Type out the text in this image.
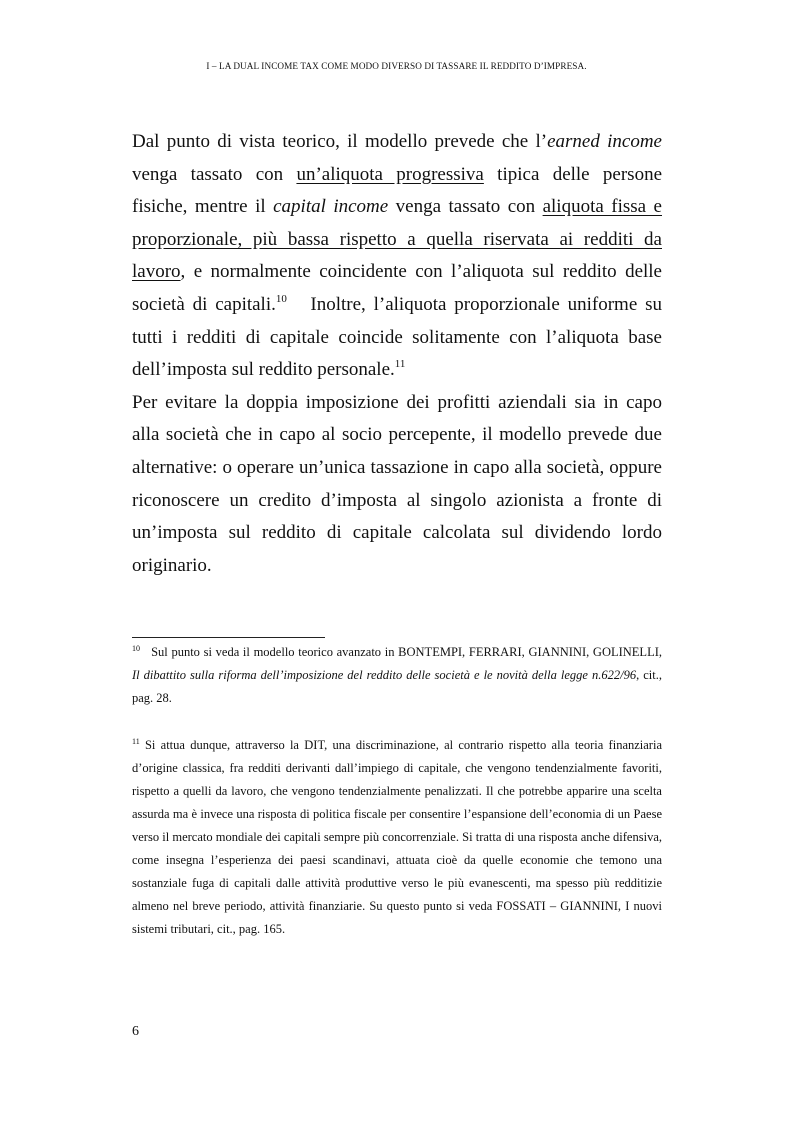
I – LA DUAL INCOME TAX COME MODO DIVERSO DI TASSARE IL REDDITO D’IMPRESA.

Dal punto di vista teorico, il modello prevede che l’earned income venga tassato con un’aliquota progressiva tipica delle persone fisiche, mentre il capital income venga tassato con aliquota fissa e proporzionale, più bassa rispetto a quella riservata ai redditi da lavoro, e normalmente coincidente con l’aliquota sul reddito delle società di capitali.$^{10}$   Inoltre, l’aliquota proporzionale uniforme su tutti i redditi di capitale coincide solitamente con l’aliquota base dell’imposta sul reddito personale.$^{11}$

Per evitare la doppia imposizione dei profitti aziendali sia in capo alla società che in capo al socio percepente, il modello prevede due alternative: o operare un’unica tassazione in capo alla società, oppure riconoscere un credito d’imposta al singolo azionista a fronte di un’imposta sul reddito di capitale calcolata sul dividendo lordo originario.

$^{10}$   Sul punto si veda il modello teorico avanzato in BONTEMPI, FERRARI, GIANNINI, GOLINELLI, Il dibattito sulla riforma dell’imposizione del reddito delle società e le novità della legge n.622/96, cit., pag. 28.

$^{11}$ Si attua dunque, attraverso la DIT, una discriminazione, al contrario rispetto alla teoria finanziaria d’origine classica, fra redditi derivanti dall’impiego di capitale, che vengono tendenzialmente favoriti, rispetto a quelli da lavoro, che vengono tendenzialmente penalizzati. Il che potrebbe apparire una scelta assurda ma è invece una risposta di politica fiscale per consentire l’espansione dell’economia di un Paese verso il mercato mondiale dei capitali sempre più concorrenziale. Si tratta di una risposta anche difensiva, come insegna l’esperienza dei paesi scandinavi, attuata cioè da quelle economie che temono una sostanziale fuga di capitali dalle attività produttive verso le più evanescenti, ma spesso più redditizie almeno nel breve periodo, attività finanziarie. Su questo punto si veda FOSSATI – GIANNINI, I nuovi sistemi tributari, cit., pag. 165.

6
